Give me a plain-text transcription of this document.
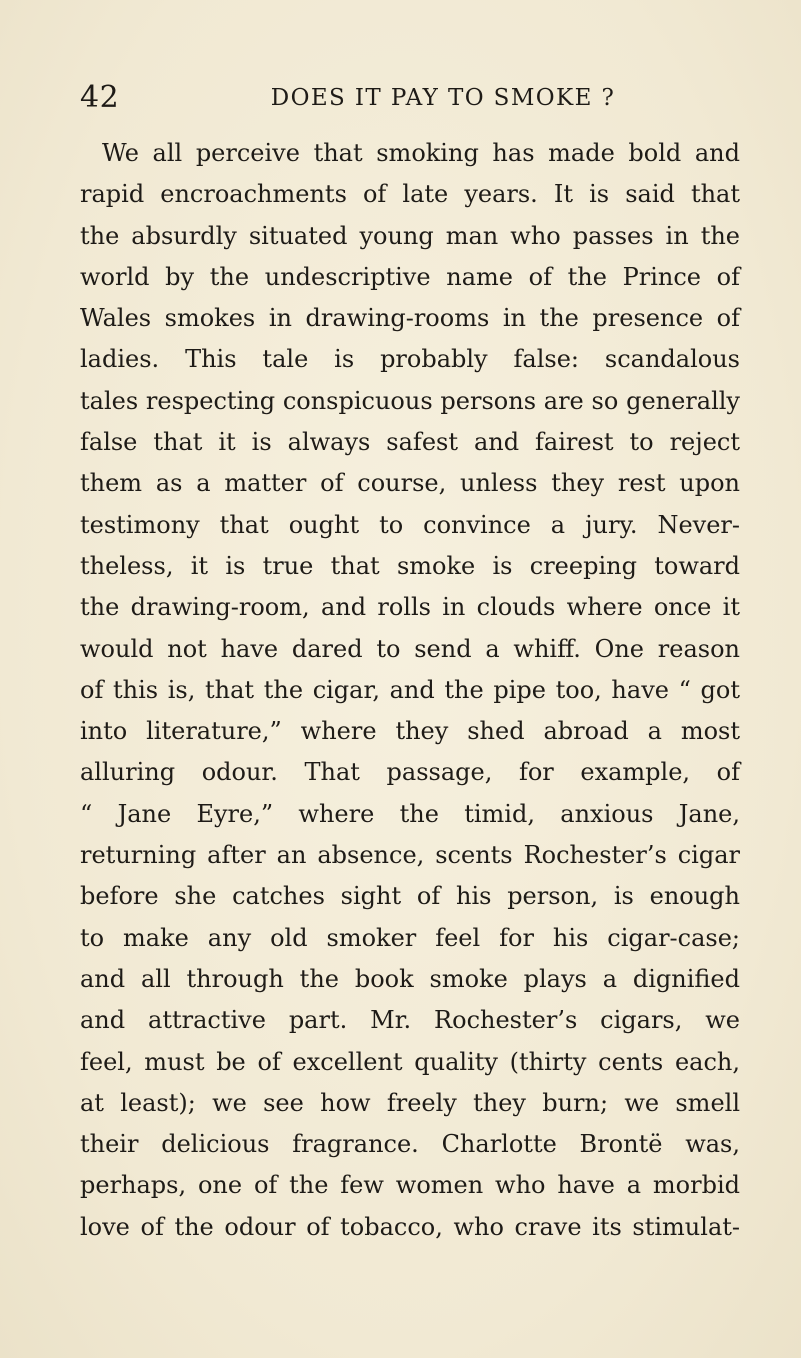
42	DOES IT PAY TO SMOKE ?
We all perceive that smoking has made bold and
rapid encroachments of late years. It is said that
the absurdly situated young man who passes in the
world by the undescriptive name of the Prince of
Wales smokes in drawing-rooms in the presence of
ladies. This tale is probably false: scandalous
tales respecting conspicuous persons are so generally
false that it is always safest and fairest to reject
them as a matter of course, unless they rest upon
testimony that ought to convince a jury. Never-
theless, it is true that smoke is creeping toward
the drawing-room, and rolls in clouds where once it
would not have dared to send a whiff. One reason
of this is, that the cigar, and the pipe too, have “ got
into literature,” where they shed abroad a most
alluring odour. That passage, for example, of
“ Jane Eyre,” where the timid, anxious Jane,
returning after an absence, scents Rochester’s cigar
before she catches sight of his person, is enough
to make any old smoker feel for his cigar-case;
and all through the book smoke plays a dignified
and attractive part. Mr. Rochester’s cigars, we
feel, must be of excellent quality (thirty cents each,
at least); we see how freely they burn; we smell
their delicious fragrance. Charlotte Brontë was,
perhaps, one of the few women who have a morbid
love of the odour of tobacco, who crave its stimulat-
